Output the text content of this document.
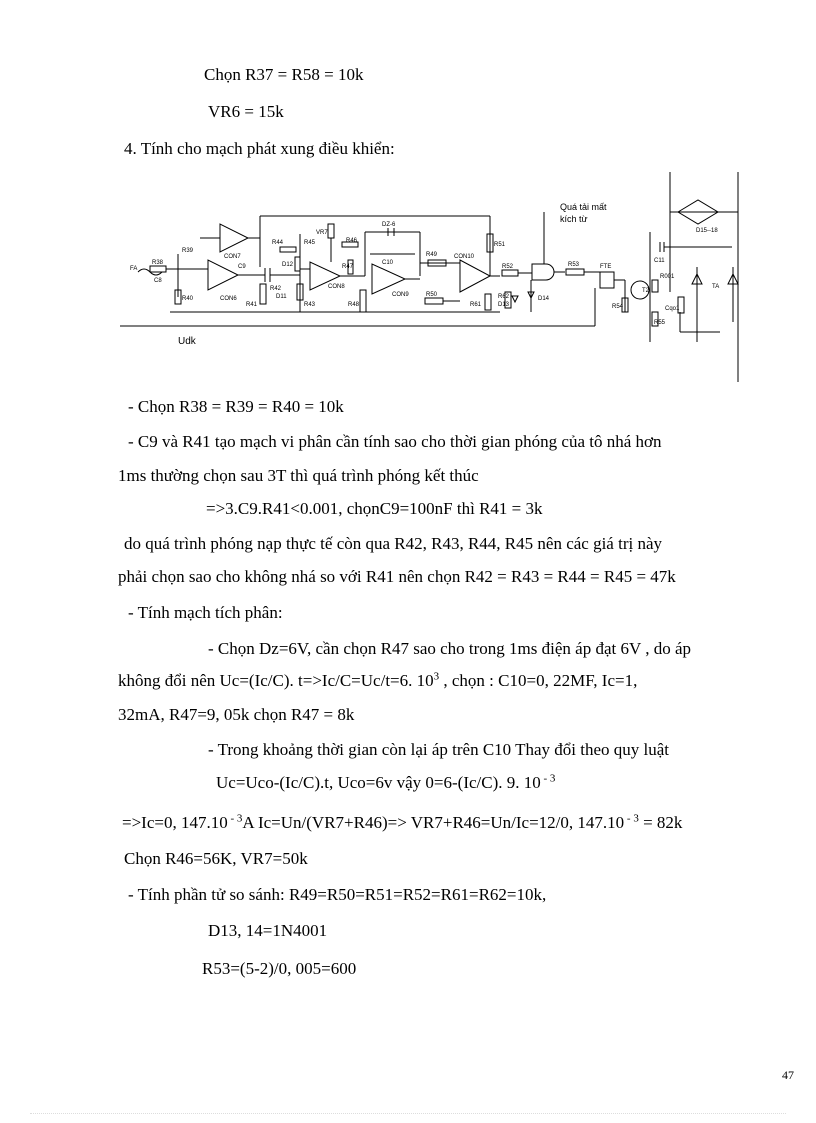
Chọn R37 = R58 = 10k
VR6 = 15k
4. Tính cho mạch phát xung điều khiển:
Quá tải mất
kích từ
Udk
FA
R38
C8
R39
R40
CON7
C9
CON6
R41
R44	R45
VR7
R46
DZ-6
R42
D12
D11
R43
CON8
R47
C10
R49	CON10
CON9
R48
R50
R51
R52
R61
R62
D13
D14
R53	FTE
R54
T2
R001
R55
Cqo1
C11
D15--18
TA
- Chọn R38 = R39 = R40 = 10k
- C9 và R41 tạo mạch vi phân cần tính sao cho thời gian phóng của tô nhá hơn
1ms thường chọn sau 3T thì quá trình phóng kết thúc
=>3.C9.R41<0.001, chọnC9=100nF thì R41 = 3k
do quá trình phóng nạp thực tế còn qua R42, R43, R44, R45 nên các giá trị này
phải chọn sao cho không nhá so với R41 nên chọn R42 = R43 = R44 = R45 = 47k
- Tính mạch tích phân:
- Chọn Dz=6V, cần chọn R47 sao cho trong 1ms điện áp đạt 6V , do áp
không đổi nên Uc=(Ic/C). t=>Ic/C=Uc/t=6. $10^3$ , chọn : C10=0, 22MF, Ic=1,
32mA, R47=9, 05k chọn R47 = 8k
- Trong khoảng thời gian còn lại áp trên C10 Thay đổi theo quy luật
Uc=Uco-(Ic/C).t, Uco=6v vậy 0=6-(Ic/C). 9. 10 $^{- 3}$
=>Ic=0, 147.10 $^{- 3}$A Ic=Un/(VR7+R46)=> VR7+R46=Un/Ic=12/0, 147.10 $^{- 3}$ = 82k
Chọn R46=56K, VR7=50k
- Tính phần tử so sánh: R49=R50=R51=R52=R61=R62=10k,
D13, 14=1N4001
R53=(5-2)/0, 005=600
47
